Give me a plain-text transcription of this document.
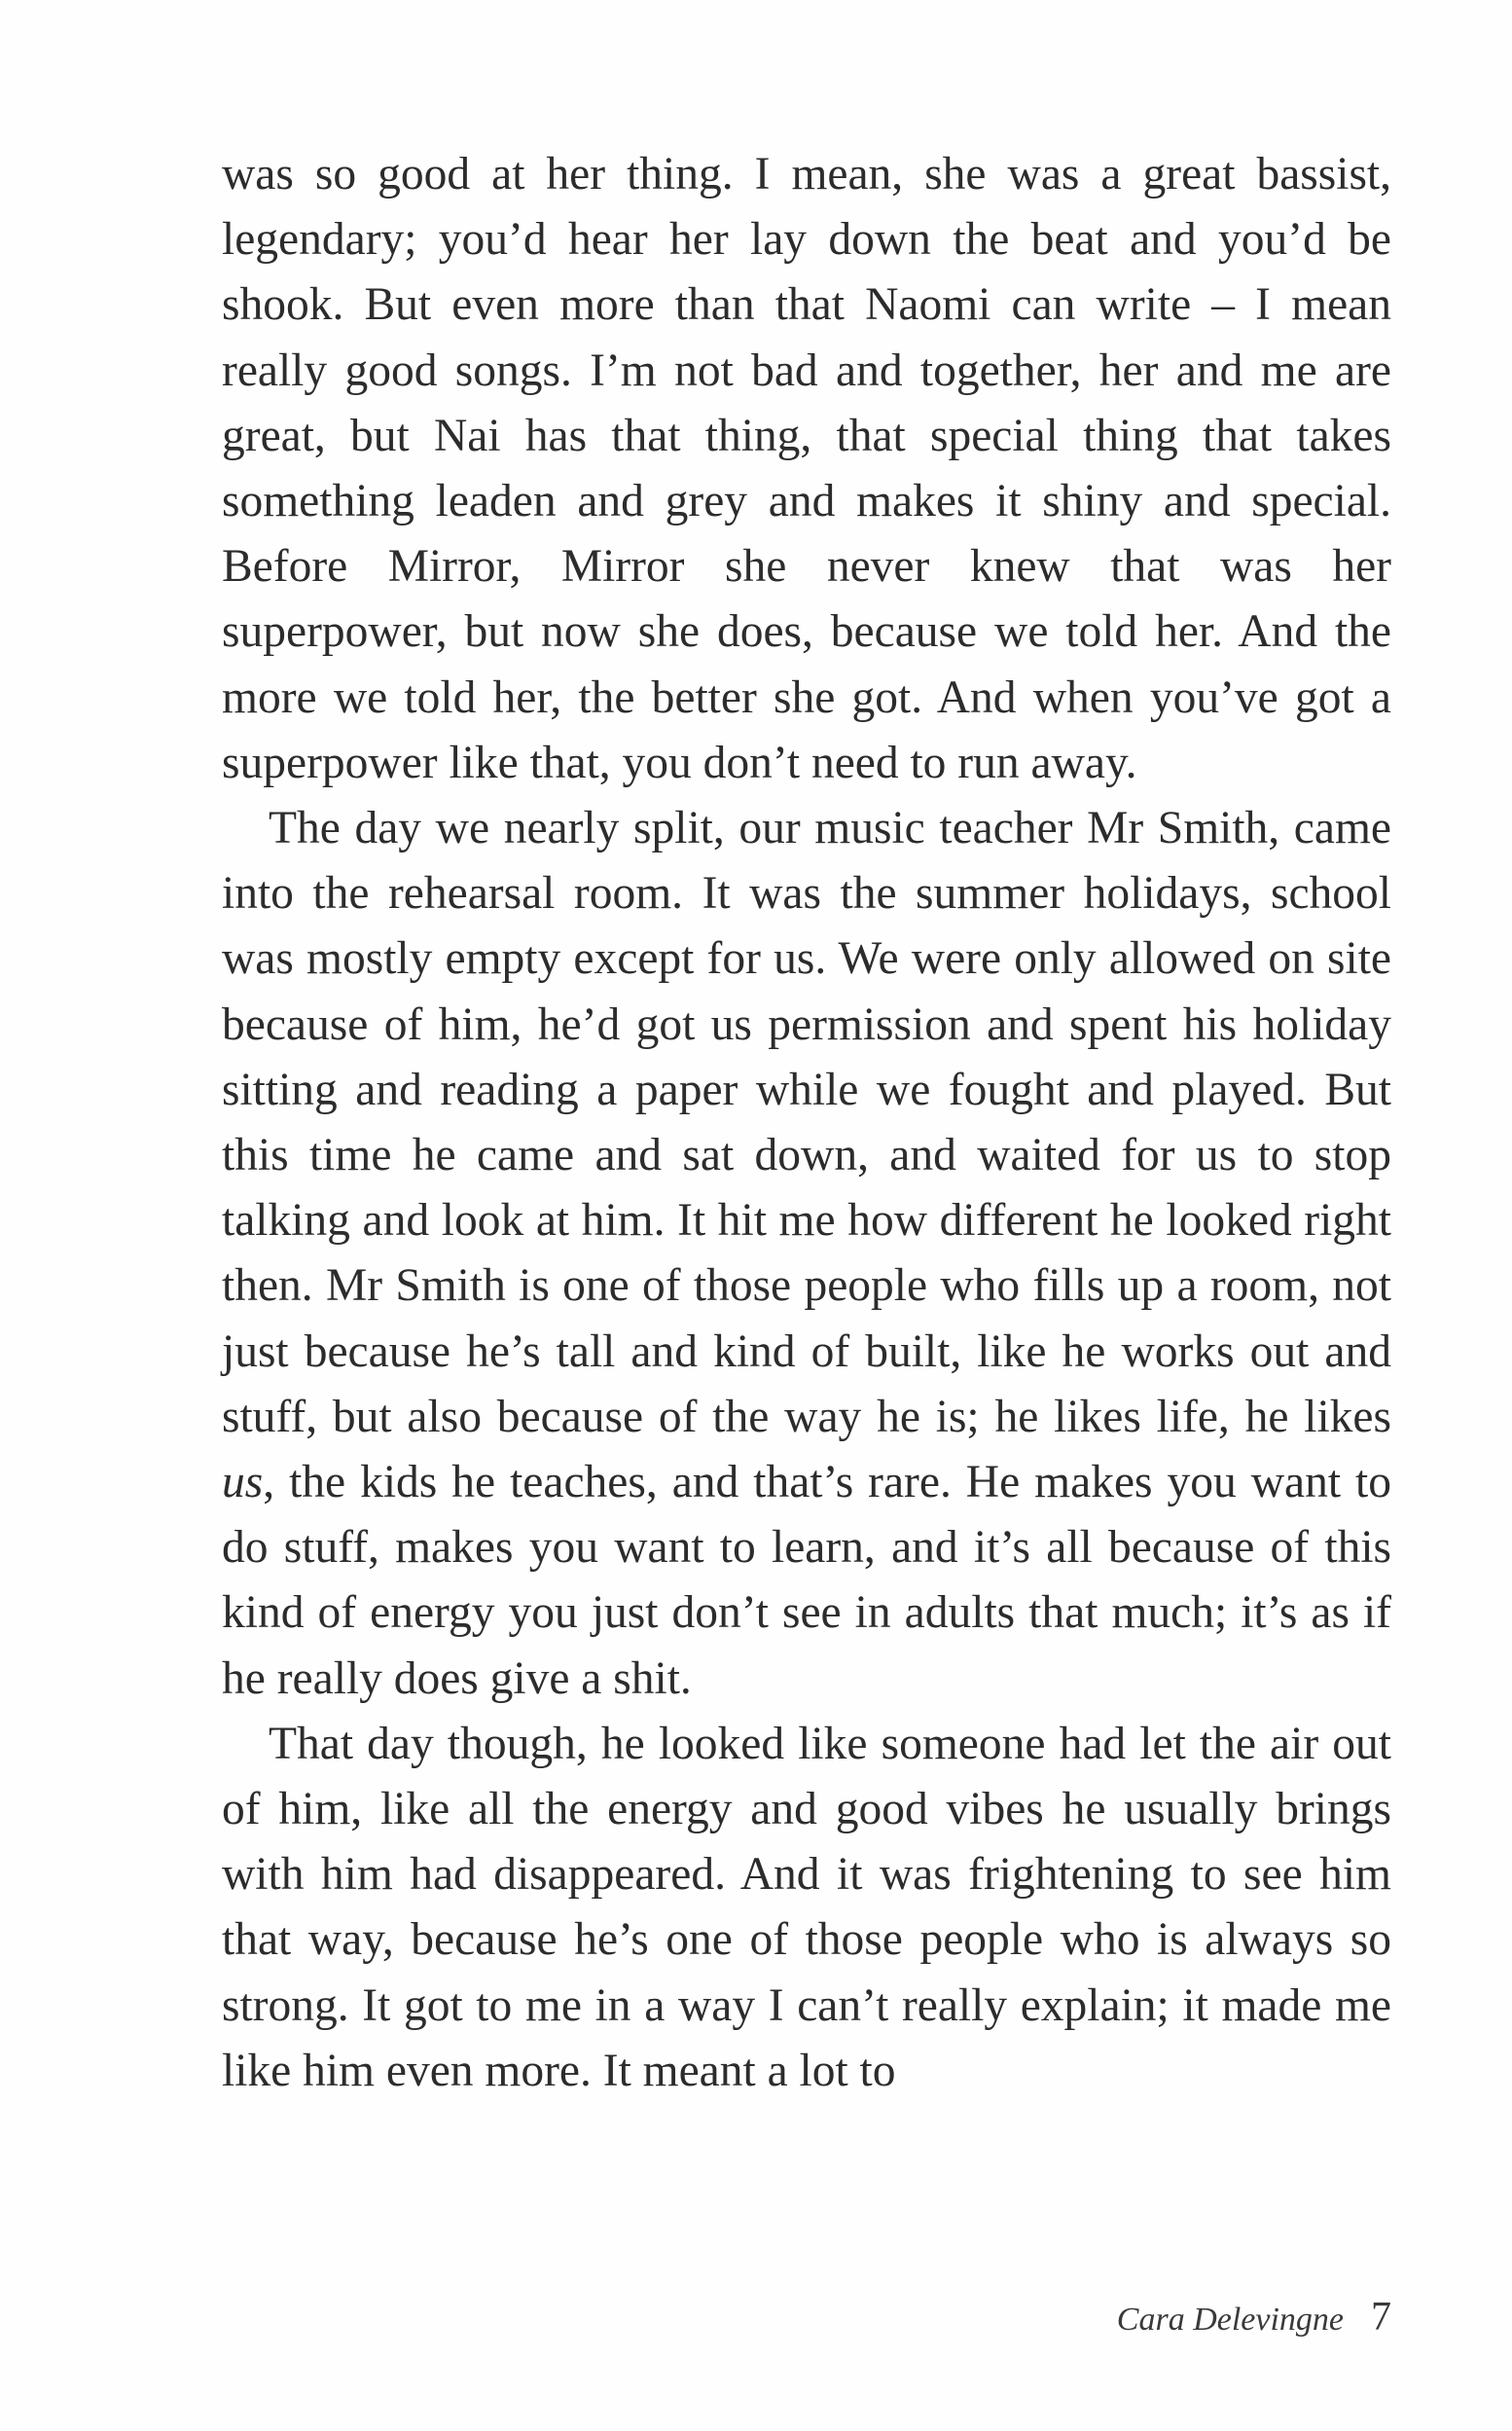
was so good at her thing. I mean, she was a great bassist, legendary; you’d hear her lay down the beat and you’d be shook. But even more than that Naomi can write – I mean really good songs. I’m not bad and together, her and me are great, but Nai has that thing, that special thing that takes something leaden and grey and makes it shiny and special. Before Mirror, Mirror she never knew that was her superpower, but now she does, because we told her. And the more we told her, the better she got. And when you’ve got a superpower like that, you don’t need to run away.

The day we nearly split, our music teacher Mr Smith, came into the rehearsal room. It was the summer holidays, school was mostly empty except for us. We were only allowed on site because of him, he’d got us permission and spent his holiday sitting and reading a paper while we fought and played. But this time he came and sat down, and waited for us to stop talking and look at him. It hit me how different he looked right then. Mr Smith is one of those people who fills up a room, not just because he’s tall and kind of built, like he works out and stuff, but also because of the way he is; he likes life, he likes us, the kids he teaches, and that’s rare. He makes you want to do stuff, makes you want to learn, and it’s all because of this kind of energy you just don’t see in adults that much; it’s as if he really does give a shit.

That day though, he looked like someone had let the air out of him, like all the energy and good vibes he usually brings with him had disappeared. And it was frightening to see him that way, because he’s one of those people who is always so strong. It got to me in a way I can’t really explain; it made me like him even more. It meant a lot to

Cara Delevingne 7
